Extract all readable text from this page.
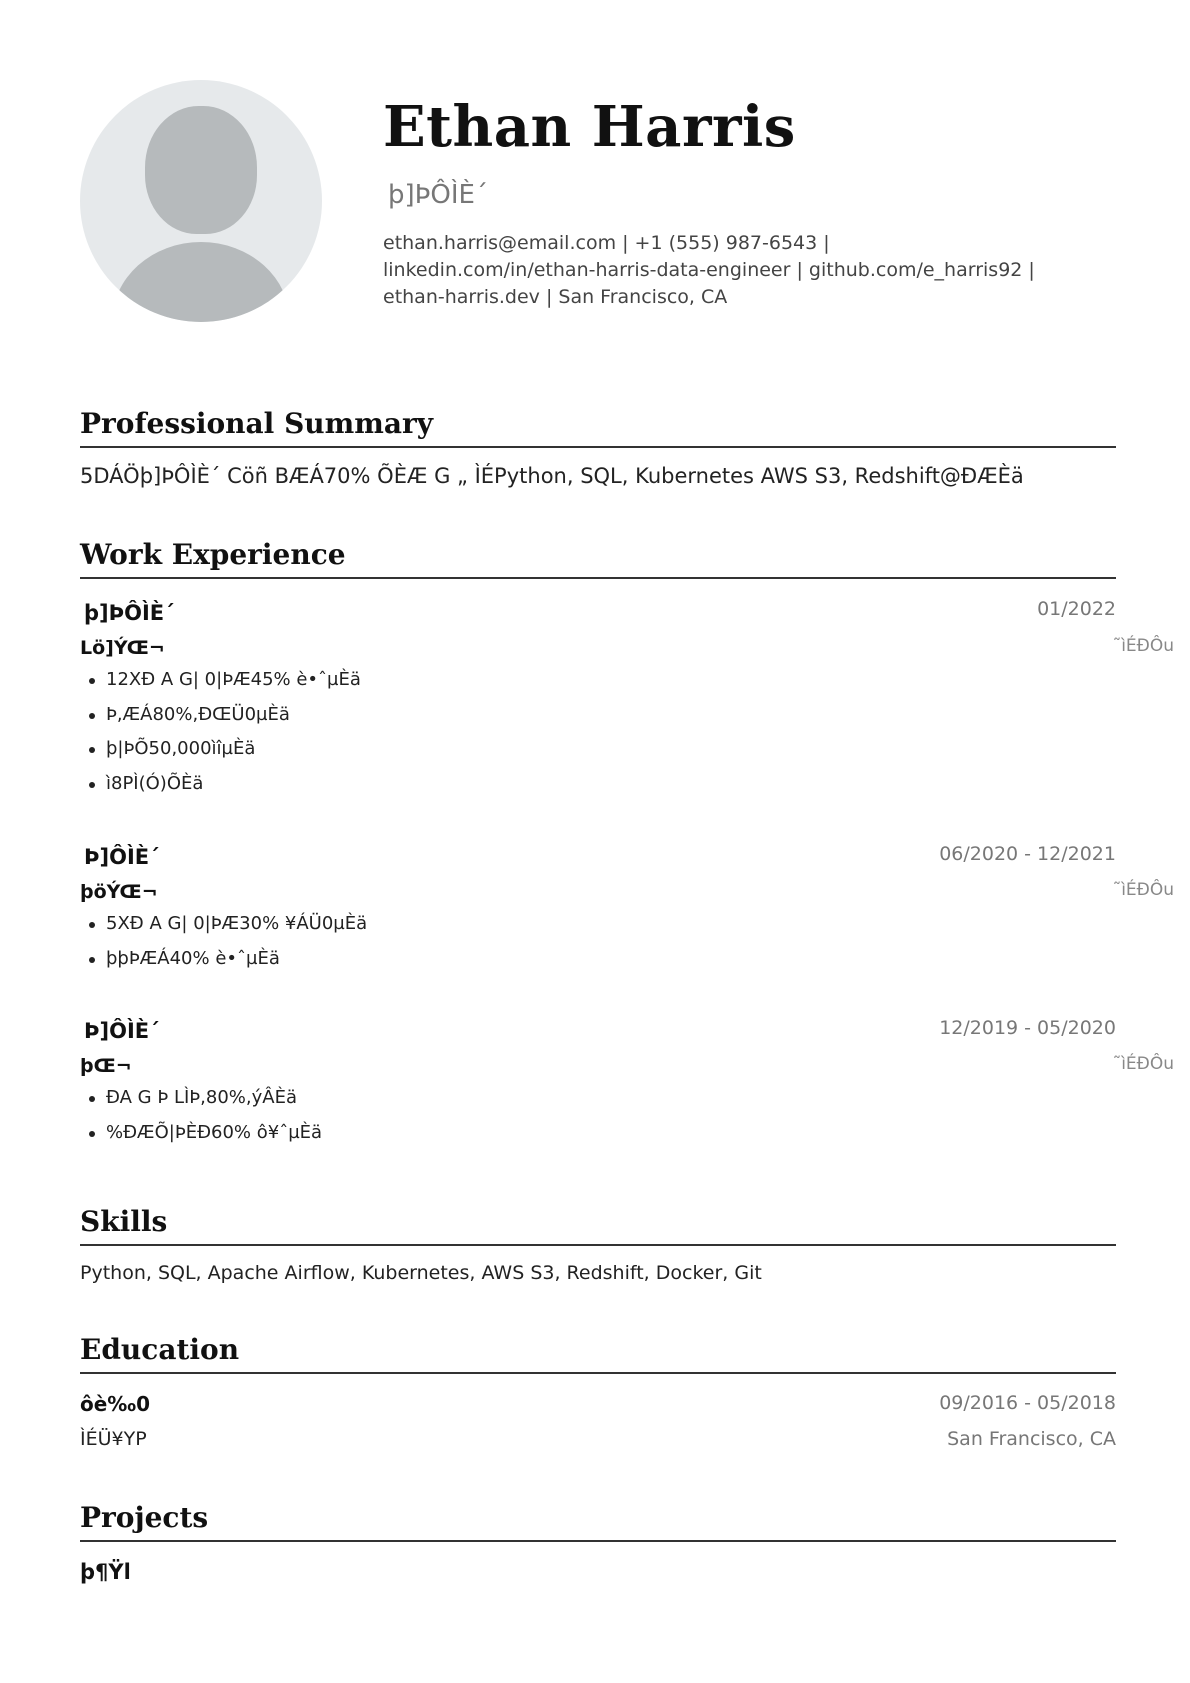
Ethan Harris
þ]ÞÔÌÈ´
ethan.harris@email.com | +1 (555) 987-6543 |
linkedin.com/in/ethan-harris-data-engineer | github.com/e_harris92 |
ethan-harris.dev | San Francisco, CA
Professional Summary
5DÁÖþ]ÞÔÌÈ´ Cöñ BÆÁ70% ÕÈÆ G „ ÌÉPython, SQL, Kubernetes AWS S3, Redshift@ÐÆÈä
Work Experience
þ]ÞÔÌÈ´	01/2022
Lö]ÝŒ¬	˜ìÉÐÔu
12XÐ A G| 0|ÞÆ45% è•ˆµÈä
Þ,ÆÁ80%,ÐŒÜ0µÈä
þ|ÞÕ50,000ìîµÈä
ì8PÌ(Ó)ÕÈä
Þ]ÔÌÈ´	06/2020 - 12/2021
þöÝŒ¬	˜ìÉÐÔu
5XÐ A G| 0|ÞÆ30% ¥ÁÜ0µÈä
þþÞÆÁ40% è•ˆµÈä
Þ]ÔÌÈ´	12/2019 - 05/2020
þŒ¬	˜ìÉÐÔu
ÐA G Þ LÌÞ,80%,ýÂÈä
%ÐÆÕ|ÞÈÐ60% ô¥ˆµÈä
Skills
Python, SQL, Apache Airflow, Kubernetes, AWS S3, Redshift, Docker, Git
Education
ôè‰0	09/2016 - 05/2018
ÌÉÜ¥YP	San Francisco, CA
Projects
þ¶Ÿl
